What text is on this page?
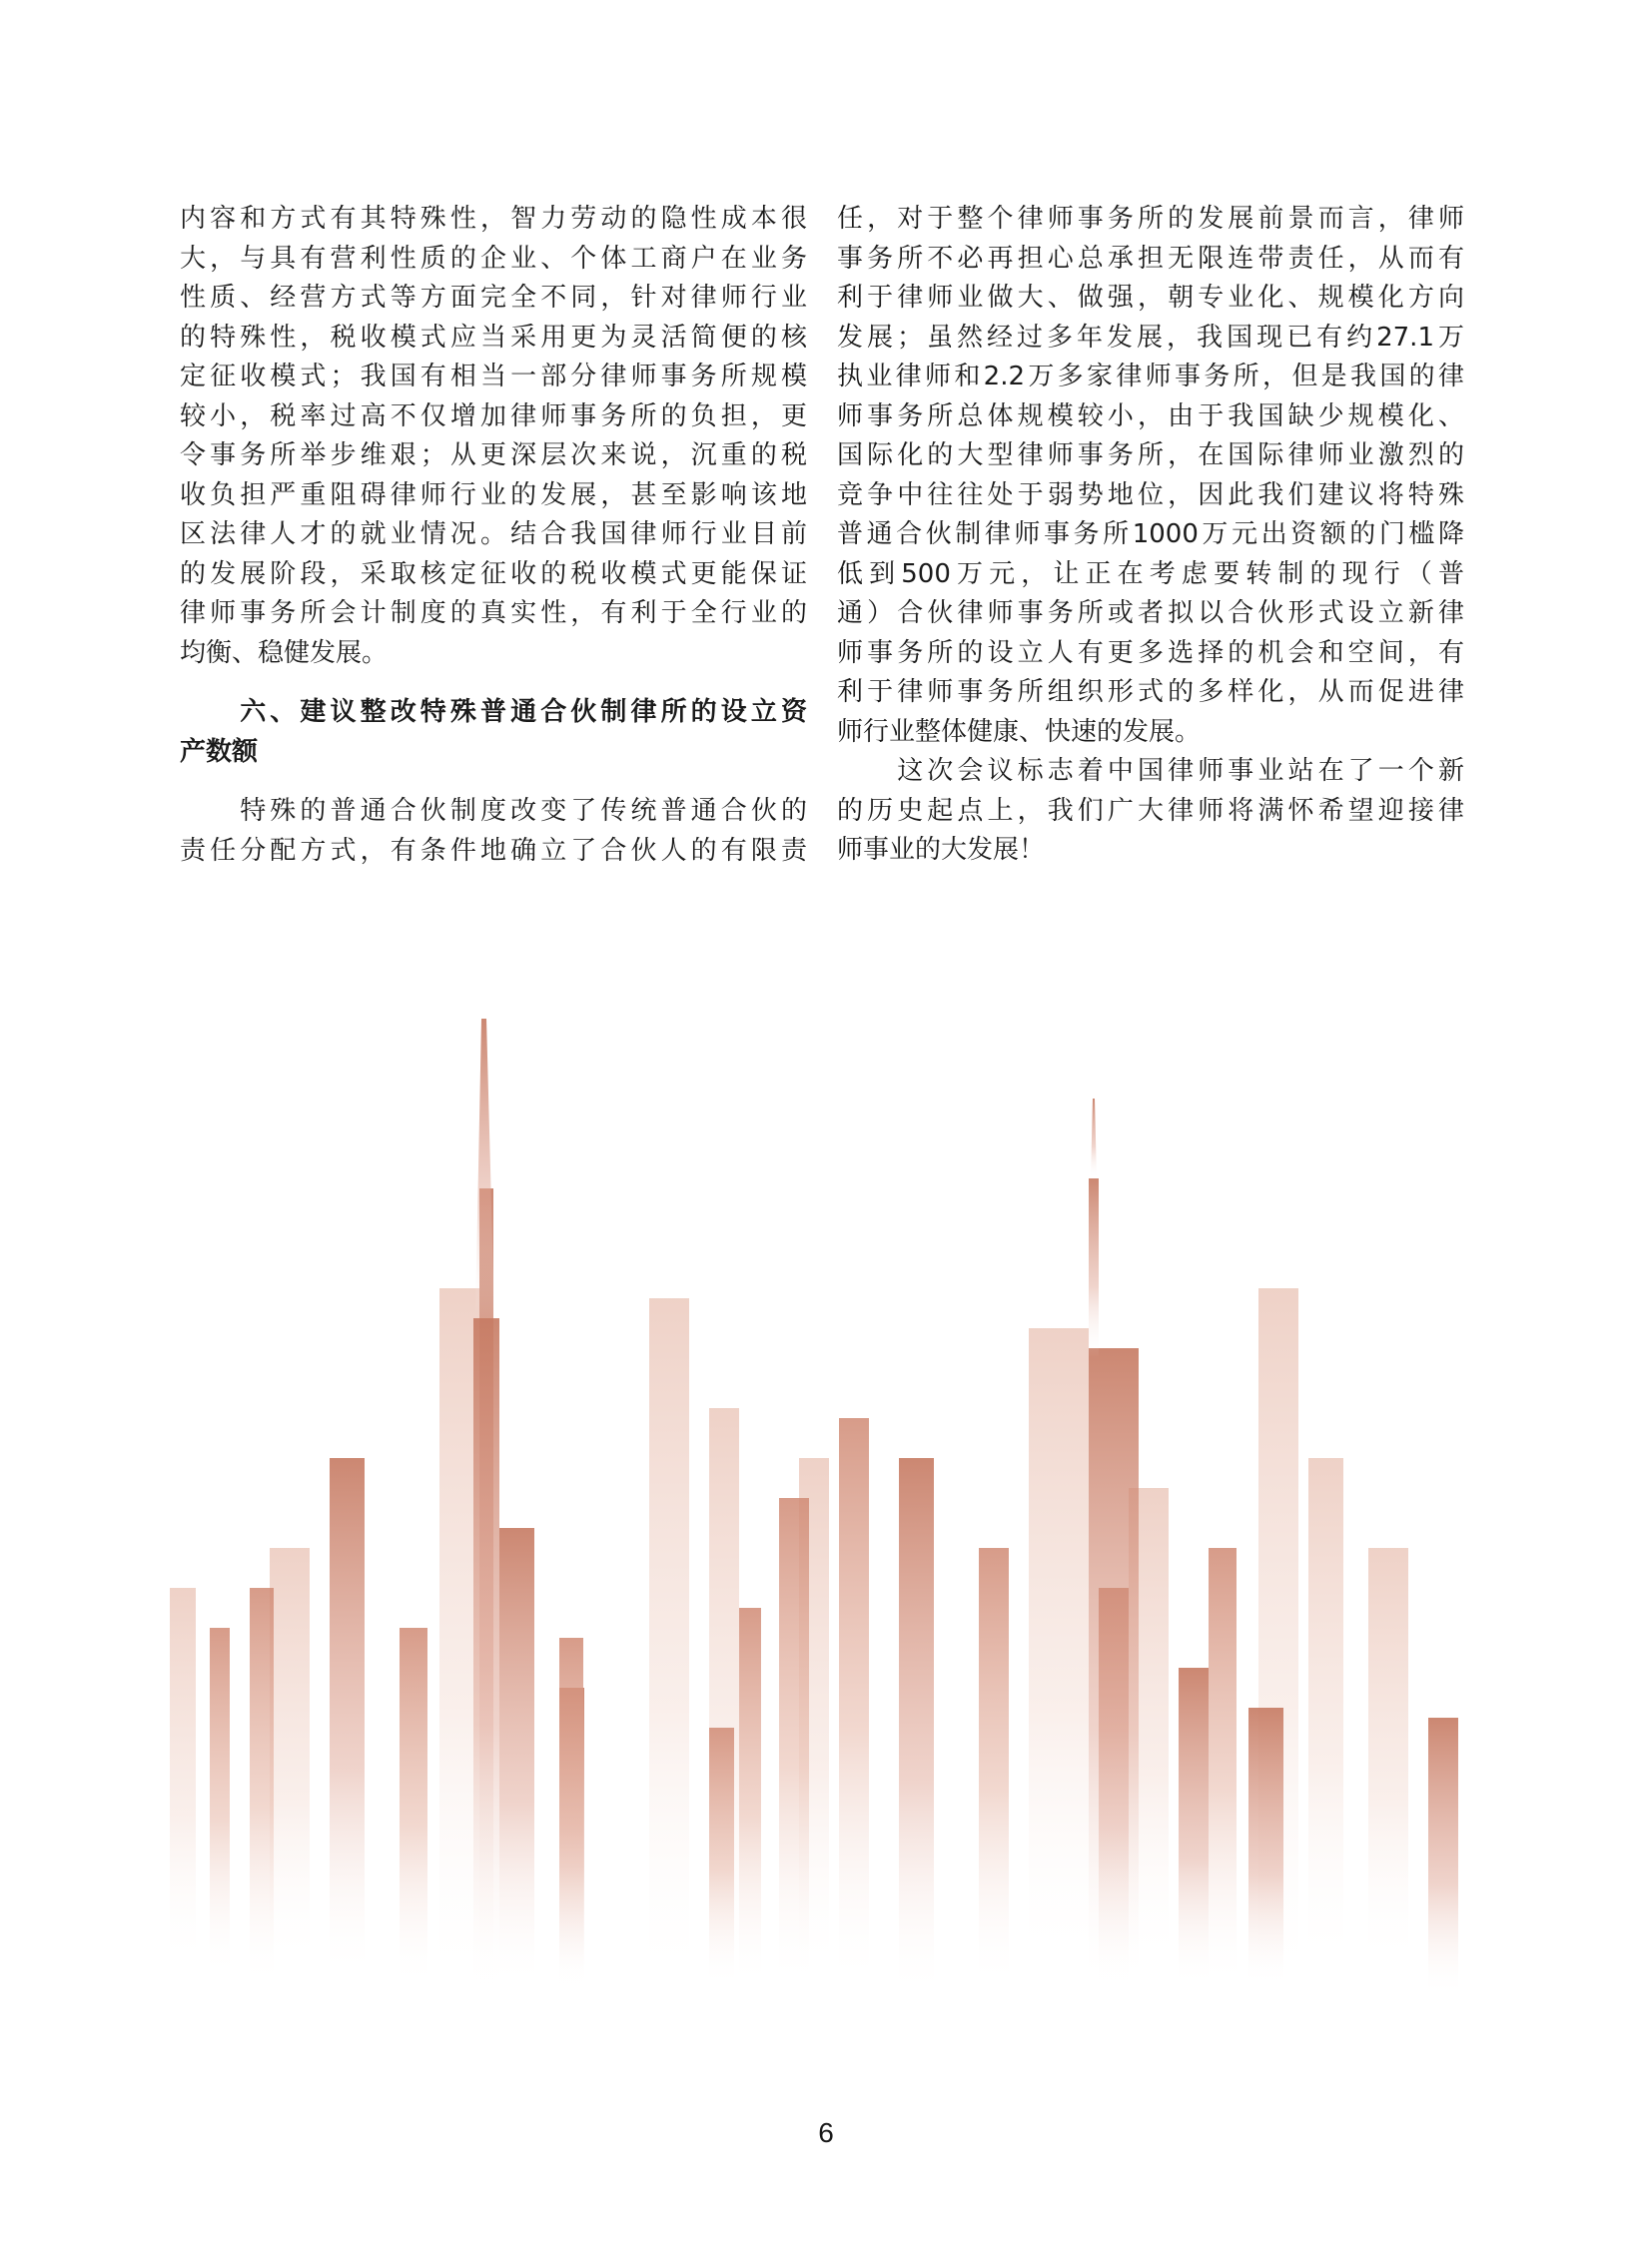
内容和方式有其特殊性，智力劳动的隐性成本很
大，与具有营利性质的企业、个体工商户在业务
性质、经营方式等方面完全不同，针对律师行业
的特殊性，税收模式应当采用更为灵活简便的核
定征收模式；我国有相当一部分律师事务所规模
较小，税率过高不仅增加律师事务所的负担，更
令事务所举步维艰；从更深层次来说，沉重的税
收负担严重阻碍律师行业的发展，甚至影响该地
区法律人才的就业情况。结合我国律师行业目前
的发展阶段，采取核定征收的税收模式更能保证
律师事务所会计制度的真实性，有利于全行业的
均衡、稳健发展。
　　六、建议整改特殊普通合伙制律所的设立资
产数额
　　特殊的普通合伙制度改变了传统普通合伙的
责任分配方式，有条件地确立了合伙人的有限责
任，对于整个律师事务所的发展前景而言，律师
事务所不必再担心总承担无限连带责任，从而有
利于律师业做大、做强，朝专业化、规模化方向
发展；虽然经过多年发展，我国现已有约27.1万
执业律师和2.2万多家律师事务所，但是我国的律
师事务所总体规模较小，由于我国缺少规模化、
国际化的大型律师事务所，在国际律师业激烈的
竞争中往往处于弱势地位，因此我们建议将特殊
普通合伙制律师事务所1000万元出资额的门槛降
低到500万元，让正在考虑要转制的现行（普
通）合伙律师事务所或者拟以合伙形式设立新律
师事务所的设立人有更多选择的机会和空间，有
利于律师事务所组织形式的多样化，从而促进律
师行业整体健康、快速的发展。
　　这次会议标志着中国律师事业站在了一个新
的历史起点上，我们广大律师将满怀希望迎接律
师事业的大发展！
6
